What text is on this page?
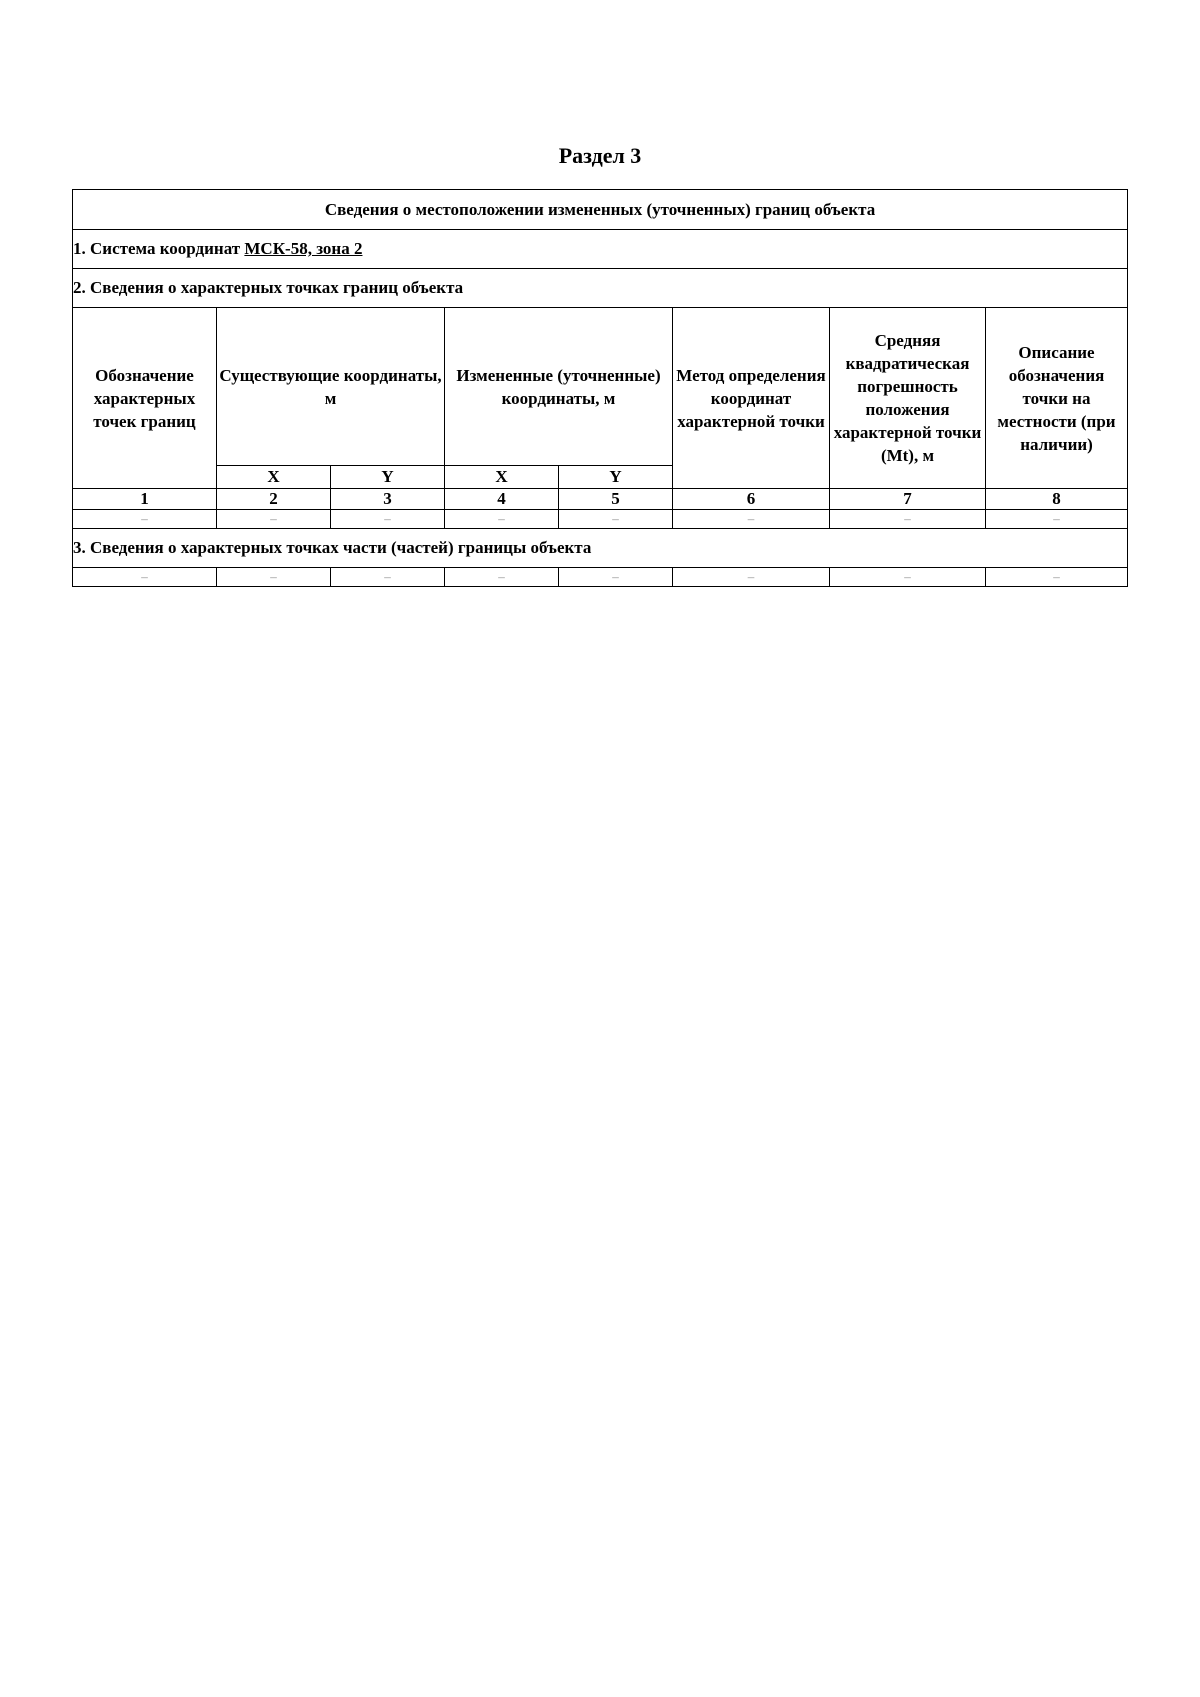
Раздел 3
Сведения о местоположении измененных (уточненных) границ объекта							
1. Система координат МСК-58, зона 2							
2. Сведения о характерных точках границ объекта							
Обозначение характерных точек границ	Существующие координаты, м		Измененные (уточненные) координаты, м		Метод определения координат характерной точки	Средняя квадратическая погрешность положения характерной точки (Mt), м	Описание обозначения точки на местности (при наличии)
	X	Y	X	Y			
1	2	3	4	5	6	7	8
–	–	–	–	–	–	–	–
3. Сведения о характерных точках части (частей) границы объекта							
–	–	–	–	–	–	–	–
